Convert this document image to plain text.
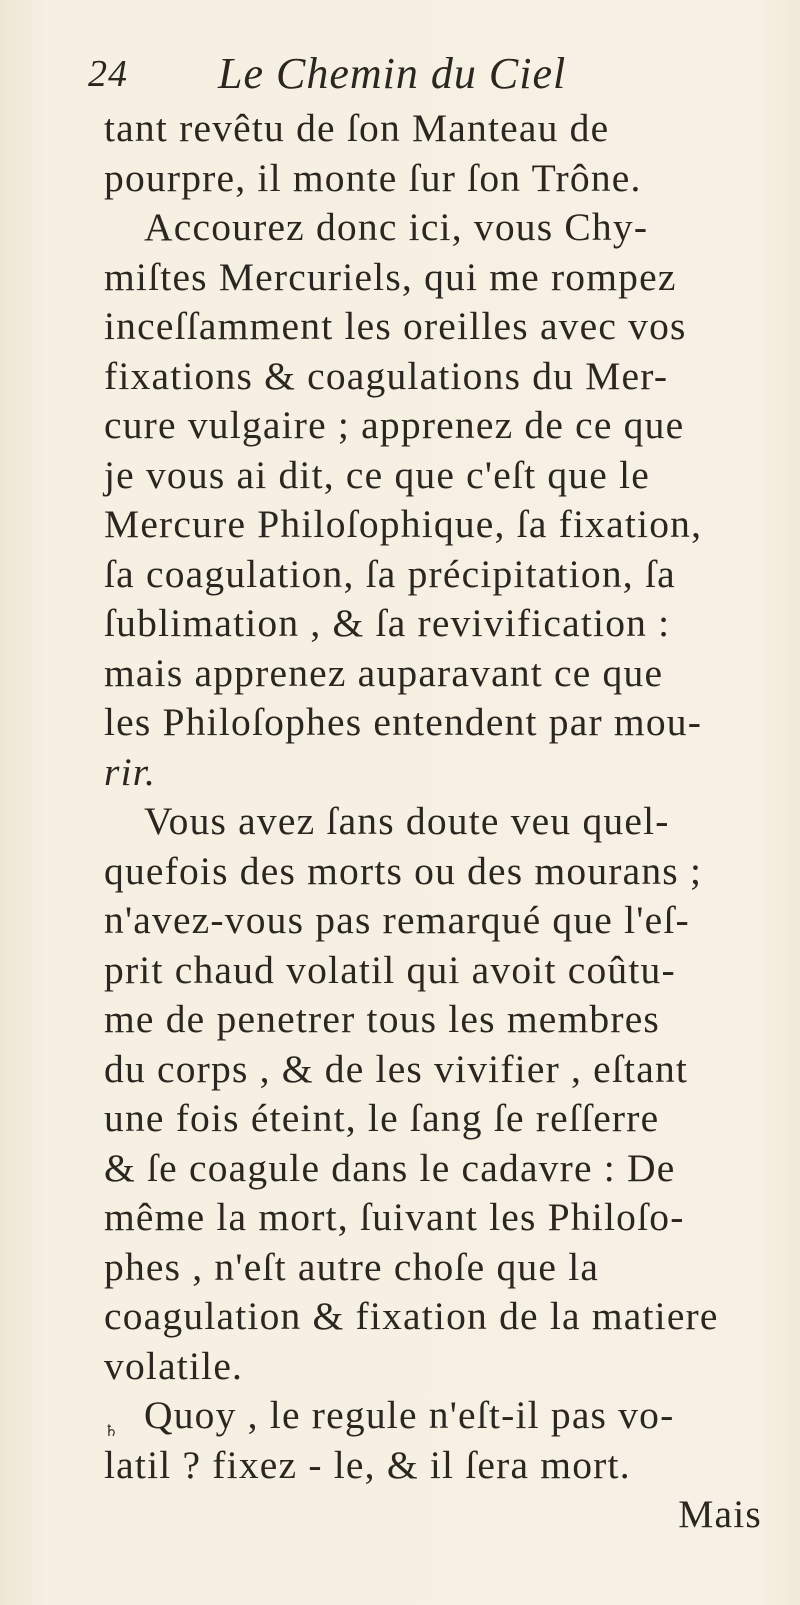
24 Le Chemin du Ciel
tant revêtu de ſon Manteau de
pourpre, il monte ſur ſon Trône.
Accourez donc ici, vous Chy-
miſtes Mercuriels, qui me rompez
inceſſamment les oreilles avec vos
fixations & coagulations du Mer-
cure vulgaire ; apprenez de ce que
je vous ai dit, ce que c'eſt que le
Mercure Philoſophique, ſa fixation,
ſa coagulation, ſa précipitation, ſa
ſublimation , & ſa revivification :
mais apprenez auparavant ce que
les Philoſophes entendent par mou-
rir.
Vous avez ſans doute veu quel-
quefois des morts ou des mourans ;
n'avez-vous pas remarqué que l'eſ-
prit chaud volatil qui avoit coûtu-
me de penetrer tous les membres
du corps , & de les vivifier , eſtant
une fois éteint, le ſang ſe reſſerre
& ſe coagule dans le cadavre : De
même la mort, ſuivant les Philoſo-
phes , n'eſt autre choſe que la
coagulation & fixation de la matiere
volatile.
♄ Quoy , le regule n'eſt-il pas vo-
latil ? fixez - le, & il ſera mort.
Mais
